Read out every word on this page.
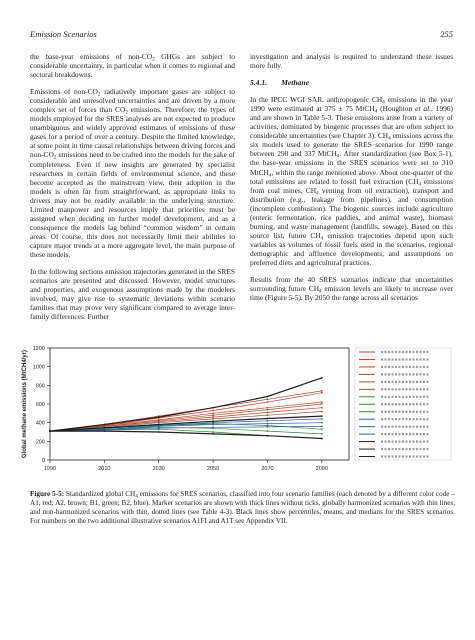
Emission Scenarios	255

the base-year emissions of non-$CO_2$ GHGs are subject to considerable uncertainty, in particular when it comes to regional and sectoral breakdowns.

Emissions of non-$CO_2$ radiatively important gases are subject to considerable and unresolved uncertainties and are driven by a more complex set of forces than $CO_2$ emissions. Therefore, the types of models employed for the SRES analyses are not expected to produce unambiguous and widely approved estimates of emissions of these gases for a period of over a century. Despite the limited knowledge, at some point in time causal relationships between driving forces and non-$CO_2$ emissions need to be crafted into the models for the sake of completeness. Even if new insights are generated by specialist researchers in certain fields of environmental science, and these become accepted as the mainstream view, their adoption in the models is often far from straightforward, as appropriate links to drivers may not be readily available in the underlying structure. Limited manpower and resources imply that priorities must be assigned when deciding on further model development, and as a consequence the models lag behind “common wisdom” in certain areas. Of course, this does not necessarily limit their abilities to capture major trends at a more aggregate level, the main purpose of these models.

In the following sections emission trajectories generated in the SRES scenarios are presented and discussed. However, model structures and properties, and exogenous assumptions made by the modelers involved, may give rise to systematic deviations within scenario families that may prove very significant compared to average inter-family differences. Further

investigation and analysis is required to understand these issues more fully.

5.4.1. Methane

In the IPCC WGI SAR, anthropogenic $CH_4$ emissions in the year 1990 were estimated at 375 ± 75 MtCH$_4$ (Houghton et al., 1996) and are shown in Table 5-3. These emissions arise from a variety of activities, dominated by biogenic processes that are often subject to considerable uncertainties (see Chapter 3). $CH_4$ emissions across the six models used to generate the SRES scenarios for 1990 range between 298 and 337 MtCH$_4$. After standardization (see Box 5-1), the base-year emissions in the SRES scenarios were set to 310 MtCH$_4$, within the range mentioned above. About one-quarter of the total emissions are related to fossil fuel extraction ($CH_4$ emissions from coal mines, $CH_4$ venting from oil extraction), transport and distribution (e.g., leakage from pipelines), and consumption (incomplete combustion). The biogenic sources include agriculture (enteric fermentation, rice paddies, and animal waste), biomass burning, and waste management (landfills, sewage). Based on this source list, future $CH_4$ emission trajectories depend upon such variables as volumes of fossil fuels used in the scenarios, regional demographic and affluence developments, and assumptions on preferred diets and agricultural practices.

Results from the 40 SRES scenarios indicate that uncertainties surrounding future $CH_4$ emission levels are likely to increase over time (Figure 5-5). By 2050 the range across all scenarios

0
200
400
600
800
1000
1200
1990	2010	2030	2050	2070	2090
Global methane emissions (MtCH4/yr)
Figure 5-5: Standardized global $CH_4$ emissions for SRES scenarios, classified into four scenario families (each denoted by a different color code – A1, red; A2, brown; B1, green; B2, blue). Marker scenarios are shown with thick lines without ticks, globally harmonized scenarios with thin lines, and non-harmonized scenarios with thin, dotted lines (see Table 4-3). Black lines show percentiles, means, and medians for the SRES scenarios. For numbers on the two additional illustrative scenarios A1FI and A1T see Appendix VII.
